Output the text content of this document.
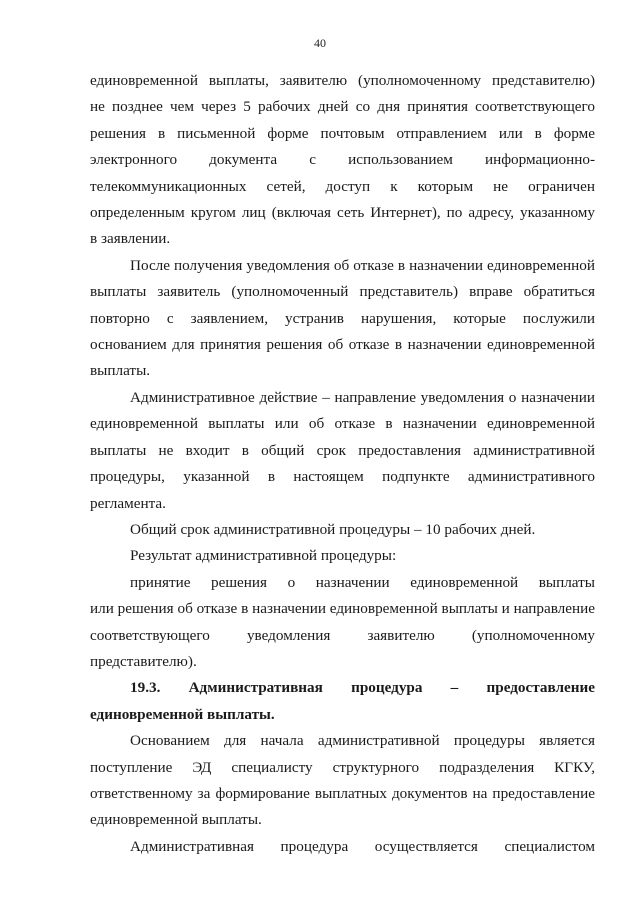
40
единовременной выплаты, заявителю (уполномоченному представителю)
не позднее чем через 5 рабочих дней со дня принятия соответствующего
решения в письменной форме почтовым отправлением или в форме
электронного документа с использованием информационно-
телекоммуникационных сетей, доступ к которым не ограничен
определенным кругом лиц (включая сеть Интернет), по адресу, указанному
в заявлении.
После получения уведомления об отказе в назначении единовременной
выплаты заявитель (уполномоченный представитель) вправе обратиться
повторно с заявлением, устранив нарушения, которые послужили
основанием для принятия решения об отказе в назначении единовременной
выплаты.
Административное действие – направление уведомления о назначении
единовременной выплаты или об отказе в назначении единовременной
выплаты не входит в общий срок предоставления административной
процедуры, указанной в настоящем подпункте административного
регламента.
Общий срок административной процедуры – 10 рабочих дней.
Результат административной процедуры:
принятие решения о назначении единовременной выплаты
или решения об отказе в назначении единовременной выплаты и направление
соответствующего уведомления заявителю (уполномоченному
представителю).
19.3. Административная процедура – предоставление
единовременной выплаты.
Основанием для начала административной процедуры является
поступление ЭД специалисту структурного подразделения КГКУ,
ответственному за формирование выплатных документов на предоставление
единовременной выплаты.
Административная процедура осуществляется специалистом
